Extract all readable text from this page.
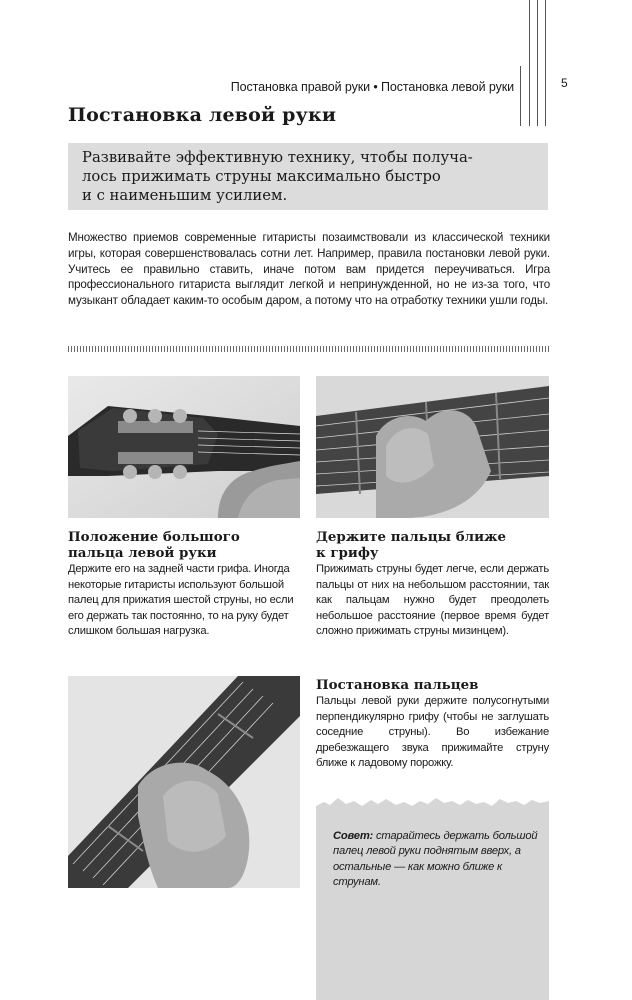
Постановка правой руки • Постановка левой руки	5
Постановка левой руки
Развивайте эффективную технику, чтобы получа-
лось прижимать струны максимально быстро
и с наименьшим усилием.

Множество приемов современные гитаристы позаимствовали из классической техники игры, которая совершенствовалась сотни лет. Например, правила постановки левой руки. Учитесь ее правильно ставить, иначе потом вам придется переучиваться. Игра профессионального гитариста выглядит легкой и непринужденной, но не из-за того, что музыкант обладает каким-то особым даром, а потому что на отработку техники ушли годы.

Положение большого пальца левой руки

Держите его на задней части грифа. Иногда некоторые гитаристы используют большой палец для прижатия шестой струны, но если его держать так постоянно, то на руку будет слишком большая нагрузка.

Держите пальцы ближе к грифу

Прижимать струны будет легче, если держать пальцы от них на небольшом расстоянии, так как пальцам нужно будет преодолеть небольшое расстояние (первое время будет сложно прижимать струны мизинцем).

Постановка пальцев

Пальцы левой руки держите полусогнутыми перпендикулярно грифу (чтобы не заглушать соседние струны). Во избежание дребезжащего звука прижимайте струну ближе к ладовому порожку.

Совет: старайтесь держать большой палец левой руки поднятым вверх, а остальные — как можно ближе к струнам.
